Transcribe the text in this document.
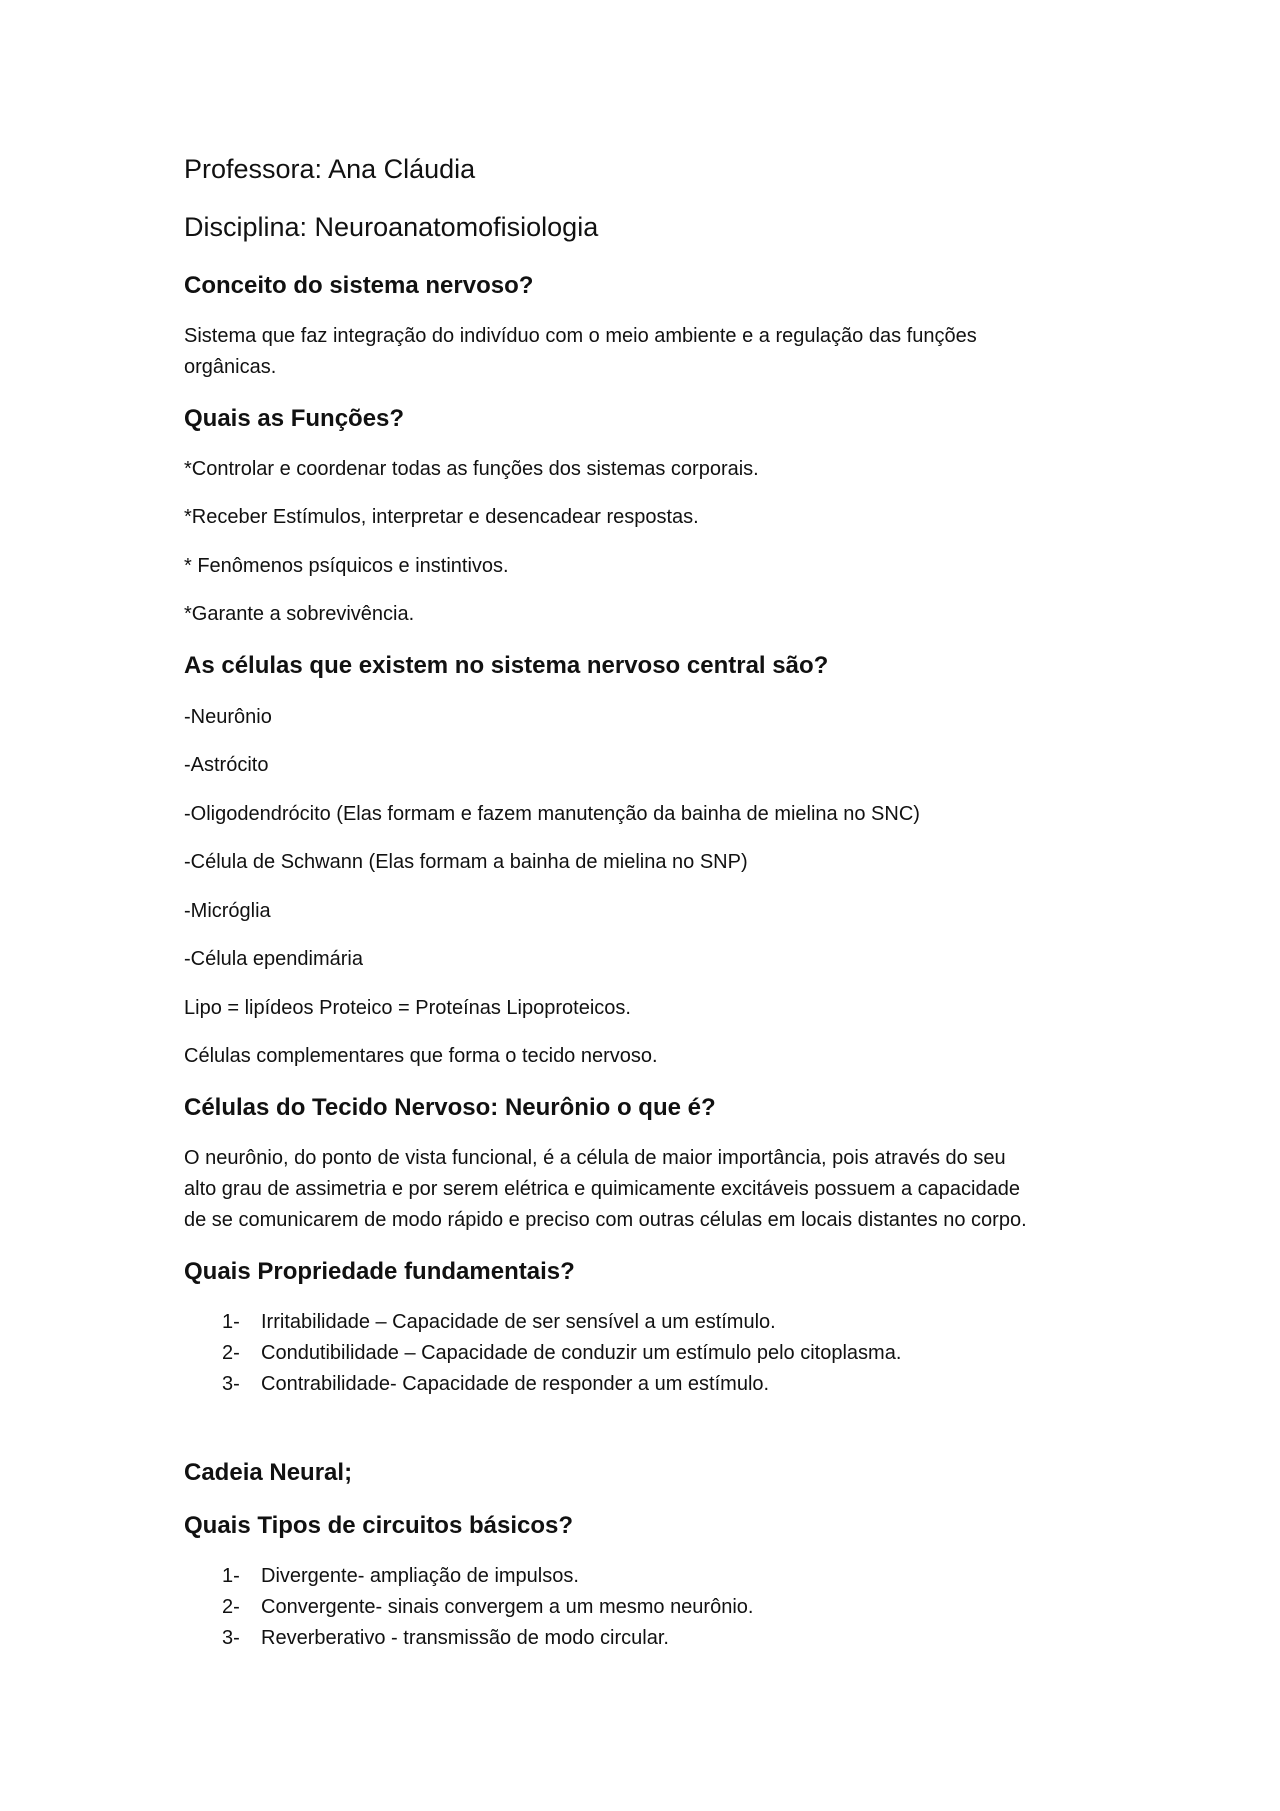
Professora: Ana Cláudia
Disciplina: Neuroanatomofisiologia
Conceito do sistema nervoso?
Sistema que faz integração do indivíduo com o meio ambiente e a regulação das funções
orgânicas.
Quais as Funções?
*Controlar e coordenar todas as funções dos sistemas corporais.
*Receber Estímulos, interpretar e desencadear respostas.
* Fenômenos psíquicos e instintivos.
*Garante a sobrevivência.
As células que existem no sistema nervoso central são?
-Neurônio
-Astrócito
-Oligodendrócito (Elas formam e fazem manutenção da bainha de mielina no SNC)
-Célula de Schwann (Elas formam a bainha de mielina no SNP)
-Micróglia
-Célula ependimária
Lipo = lipídeos Proteico = Proteínas Lipoproteicos.
Células complementares que forma o tecido nervoso.
Células do Tecido Nervoso: Neurônio o que é?
O neurônio, do ponto de vista funcional, é a célula de maior importância, pois através do seu
alto grau de assimetria e por serem elétrica e quimicamente excitáveis possuem a capacidade
de se comunicarem de modo rápido e preciso com outras células em locais distantes no corpo.
Quais Propriedade fundamentais?
1- Irritabilidade – Capacidade de ser sensível a um estímulo.
2- Condutibilidade – Capacidade de conduzir um estímulo pelo citoplasma.
3- Contrabilidade- Capacidade de responder a um estímulo.
Cadeia Neural;
Quais Tipos de circuitos básicos?
1- Divergente- ampliação de impulsos.
2- Convergente- sinais convergem a um mesmo neurônio.
3- Reverberativo - transmissão de modo circular.
